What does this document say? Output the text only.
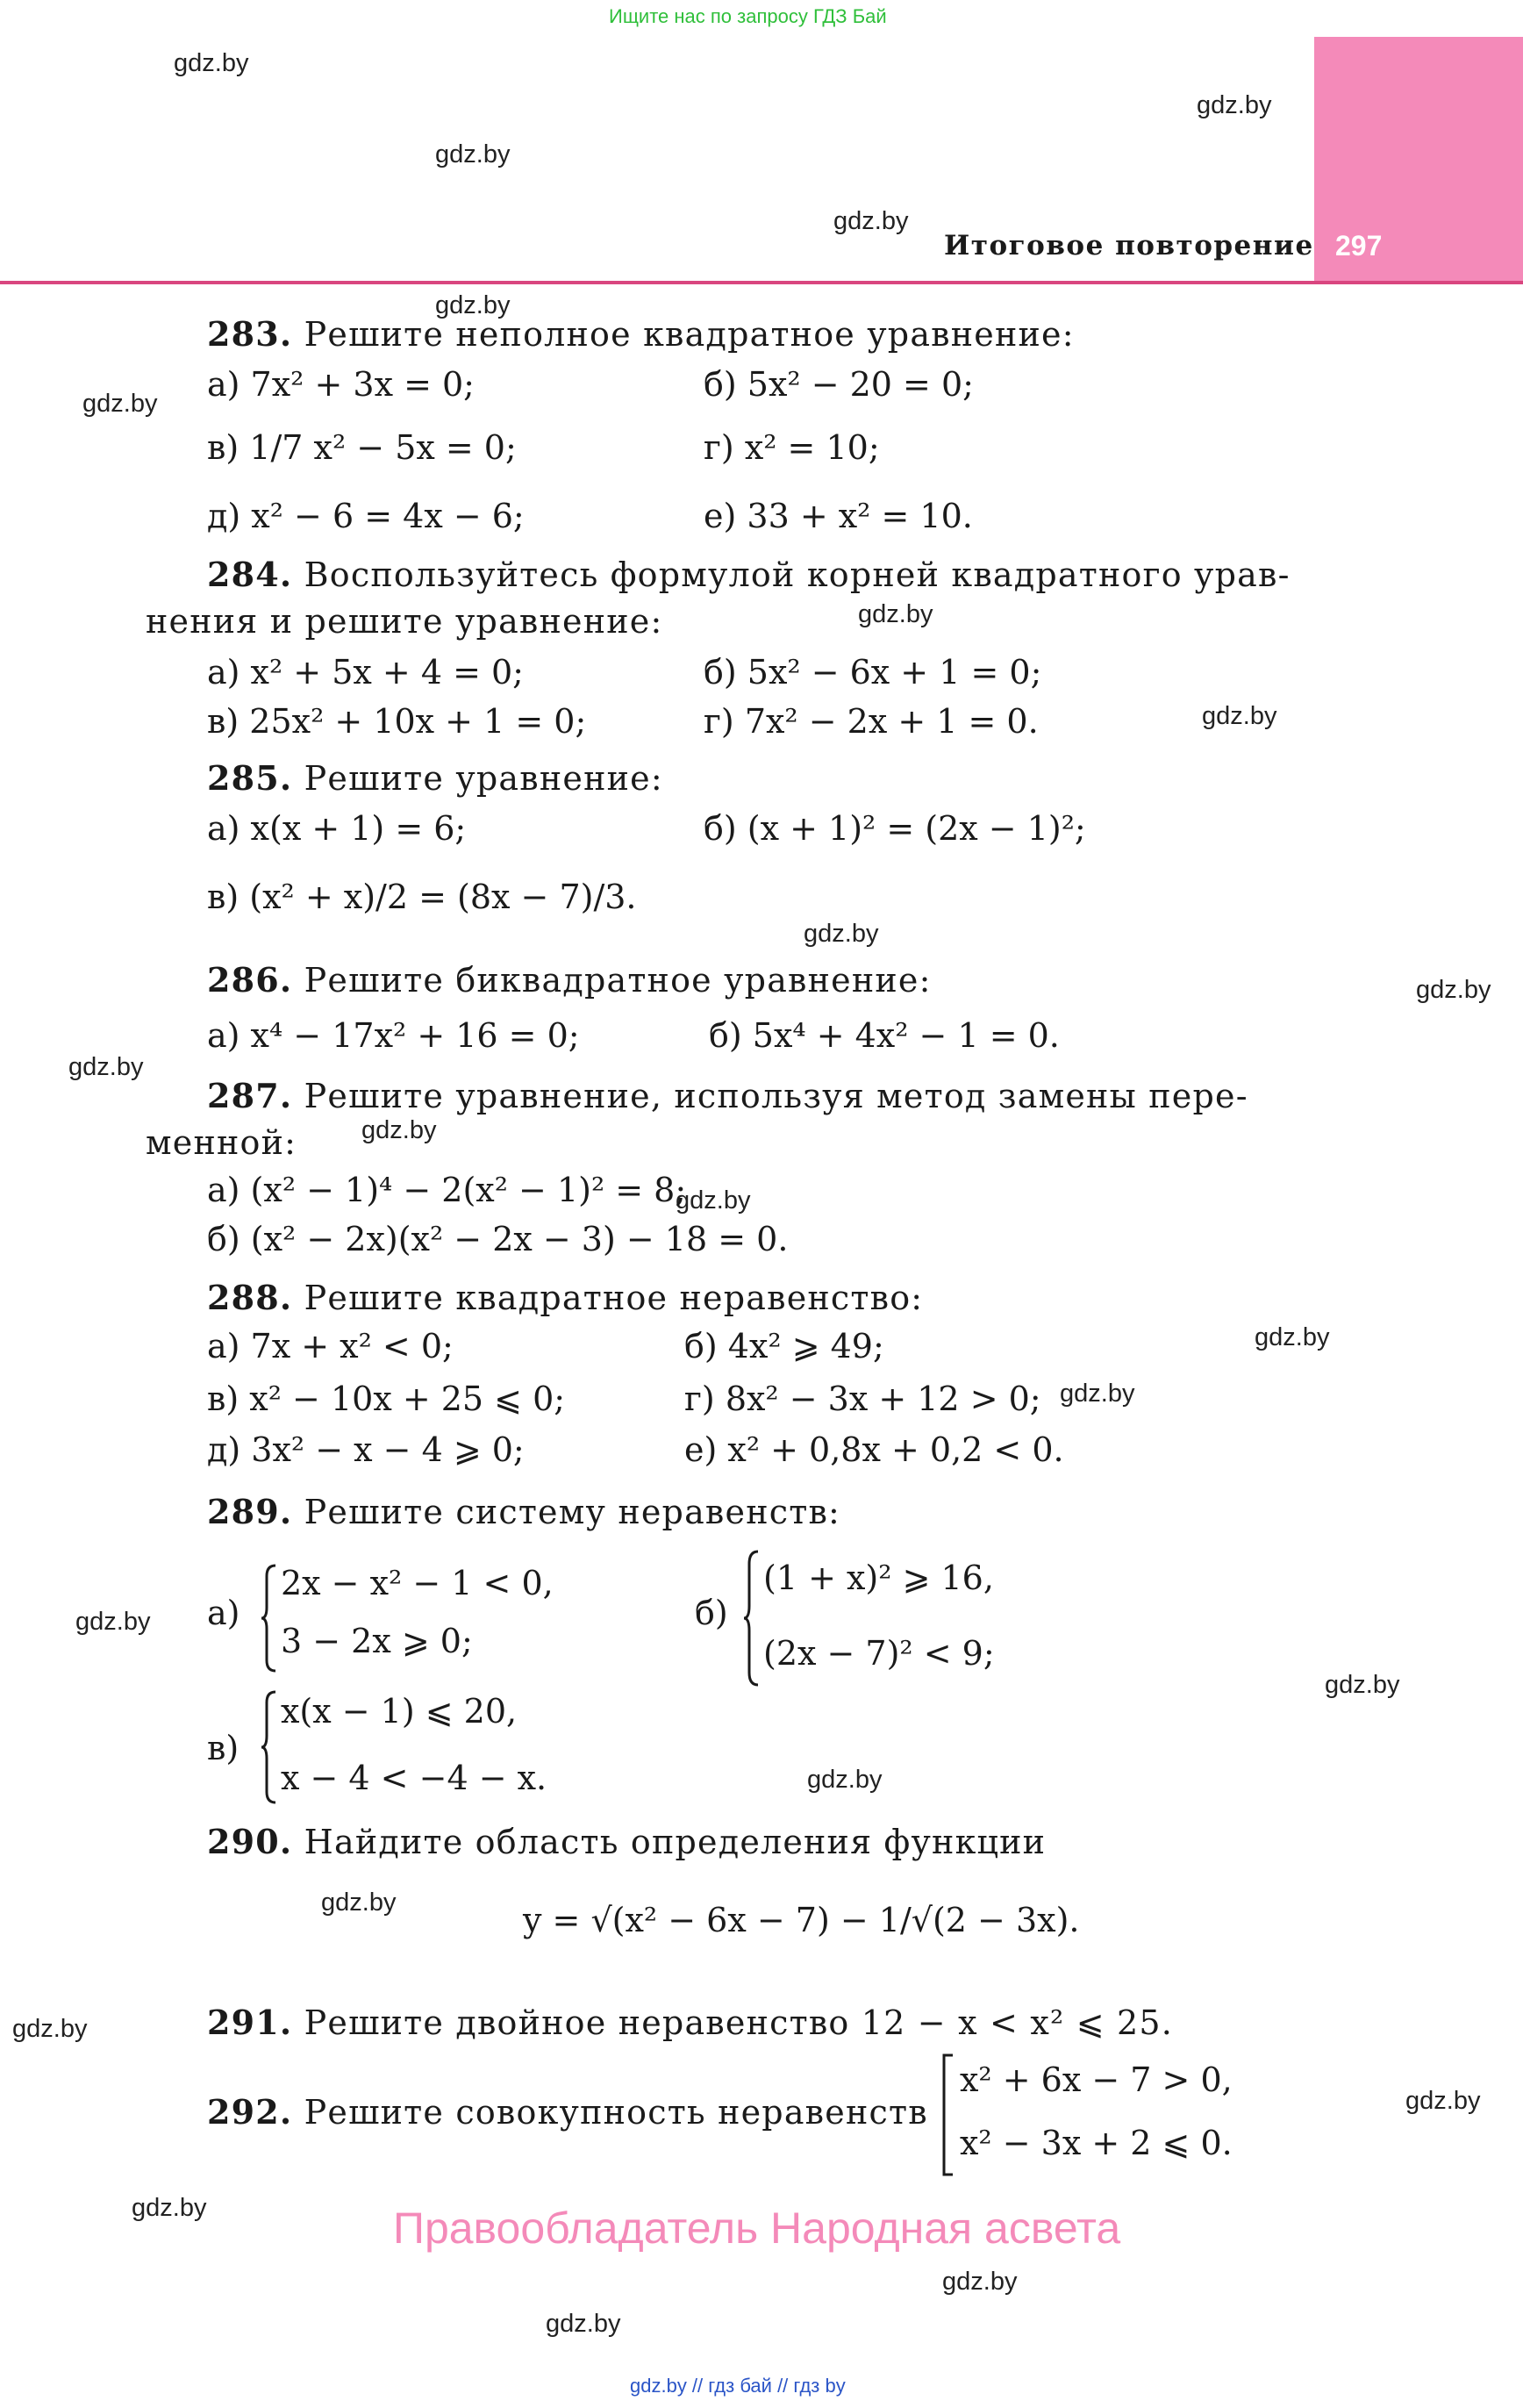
Ищите нас по запросу ГДЗ Бай
297
Итоговое повторение
gdz.by
gdz.by
gdz.by
gdz.by
gdz.by
gdz.by
gdz.by
gdz.by
gdz.by
gdz.by
gdz.by
gdz.by
gdz.by
gdz.by
gdz.by
gdz.by
gdz.by
gdz.by
gdz.by
gdz.by
gdz.by
gdz.by
gdz.by
gdz.by
283. Решите неполное квадратное уравнение:
а) 7x² + 3x = 0;	б) 5x² − 20 = 0;
в) 1/7 x² − 5x = 0;	г) x² = 10;
д) x² − 6 = 4x − 6;	е) 33 + x² = 10.
284. Воспользуйтесь формулой корней квадратного урав-
нения и решите уравнение:
а) x² + 5x + 4 = 0;	б) 5x² − 6x + 1 = 0;
в) 25x² + 10x + 1 = 0;	г) 7x² − 2x + 1 = 0.
285. Решите уравнение:
а) x(x + 1) = 6;	б) (x + 1)² = (2x − 1)²;
в) (x² + x)/2 = (8x − 7)/3.
286. Решите биквадратное уравнение:
а) x⁴ − 17x² + 16 = 0;	б) 5x⁴ + 4x² − 1 = 0.
287. Решите уравнение, используя метод замены пере-
менной:
а) (x² − 1)⁴ − 2(x² − 1)² = 8;
б) (x² − 2x)(x² − 2x − 3) − 18 = 0.
288. Решите квадратное неравенство:
а) 7x + x² < 0;	б) 4x² ⩾ 49;
в) x² − 10x + 25 ⩽ 0;	г) 8x² − 3x + 12 > 0;
д) 3x² − x − 4 ⩾ 0;	е) x² + 0,8x + 0,2 < 0.
289. Решите систему неравенств:
а)
2x − x² − 1 < 0,
3 − 2x ⩾ 0;
б)
(1 + x)² ⩾ 16,
(2x − 7)² < 9;
в)
x(x − 1) ⩽ 20,
x − 4 < −4 − x.
290. Найдите область определения функции
y = √(x² − 6x − 7) − 1/√(2 − 3x).
291. Решите двойное неравенство 12 − x < x² ⩽ 25.
292. Решите совокупность неравенств
x² + 6x − 7 > 0,
x² − 3x + 2 ⩽ 0.
Правообладатель Народная асвета
gdz.by // гдз бай // гдз by
